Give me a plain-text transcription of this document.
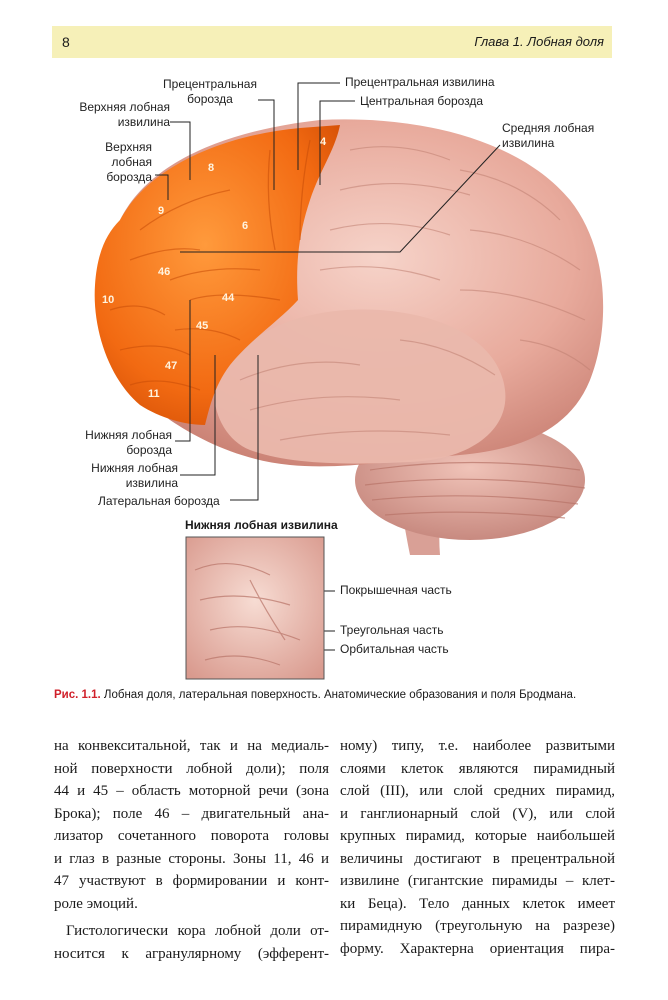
8	Глава 1. Лобная доля
4
8
9
6
46
10	44
45
47
11
Прецентральная
борозда
Верхняя лобная
извилина
Верхняя
лобная
борозда
Прецентральная извилина
Центральная борозда
Средняя лобная
извилина
Нижняя лобная
борозда
Нижняя лобная
извилина
Латеральная борозда
Нижняя лобная извилина
Покрышечная часть
Треугольная часть
Орбитальная часть
Рис. 1.1. Лобная доля, латеральная поверхность. Анатомические образования и поля Бродмана.
на конвекситальной, так и на медиаль-
ной поверхности лобной доли); поля
44 и 45 – область моторной речи (зона
Брока); поле 46 – двигательный ана-
лизатор сочетанного поворота головы
и глаз в разные стороны. Зоны 11, 46 и
47 участвуют в формировании и конт-
роле эмоций.
Гистологически кора лобной доли от-
носится к агранулярному (эфферент-
ному) типу, т.е. наиболее развитыми
слоями клеток являются пирамидный
слой (III), или слой средних пирамид,
и ганглионарный слой (V), или слой
крупных пирамид, которые наибольшей
величины достигают в прецентральной
извилине (гигантские пирамиды – клет-
ки Беца). Тело данных клеток имеет
пирамидную (треугольную на разрезе)
форму. Характерна ориентация пира-
